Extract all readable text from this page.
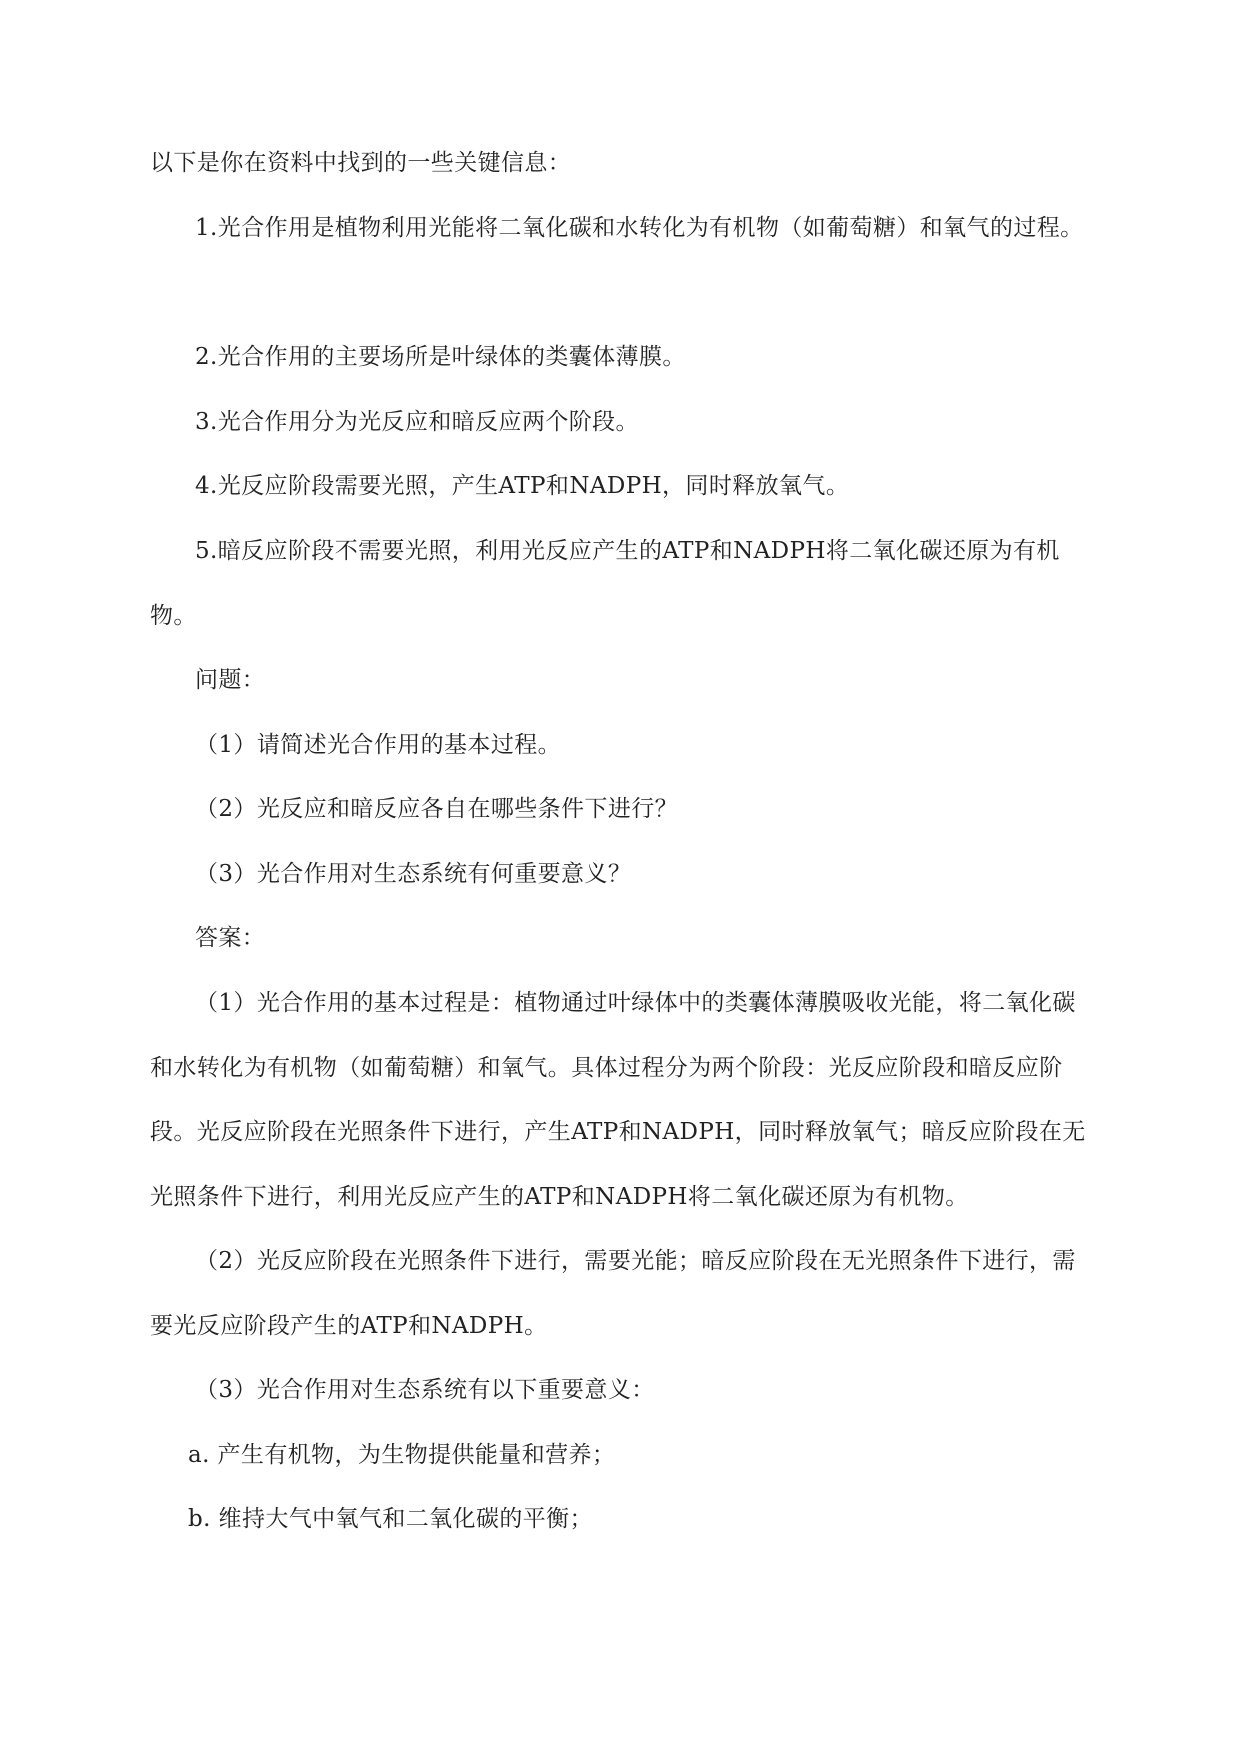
以下是你在资料中找到的一些关键信息：

1.光合作用是植物利用光能将二氧化碳和水转化为有机物（如葡萄糖）和氧气的过程。

2.光合作用的主要场所是叶绿体的类囊体薄膜。

3.光合作用分为光反应和暗反应两个阶段。

4.光反应阶段需要光照，产生ATP和NADPH，同时释放氧气。

5.暗反应阶段不需要光照，利用光反应产生的ATP和NADPH将二氧化碳还原为有机物。

问题：

（1）请简述光合作用的基本过程。

（2）光反应和暗反应各自在哪些条件下进行？

（3）光合作用对生态系统有何重要意义？

答案：

（1）光合作用的基本过程是：植物通过叶绿体中的类囊体薄膜吸收光能，将二氧化碳和水转化为有机物（如葡萄糖）和氧气。具体过程分为两个阶段：光反应阶段和暗反应阶段。光反应阶段在光照条件下进行，产生ATP和NADPH，同时释放氧气；暗反应阶段在无光照条件下进行，利用光反应产生的ATP和NADPH将二氧化碳还原为有机物。

（2）光反应阶段在光照条件下进行，需要光能；暗反应阶段在无光照条件下进行，需要光反应阶段产生的ATP和NADPH。

（3）光合作用对生态系统有以下重要意义：

a. 产生有机物，为生物提供能量和营养；

b. 维持大气中氧气和二氧化碳的平衡；
